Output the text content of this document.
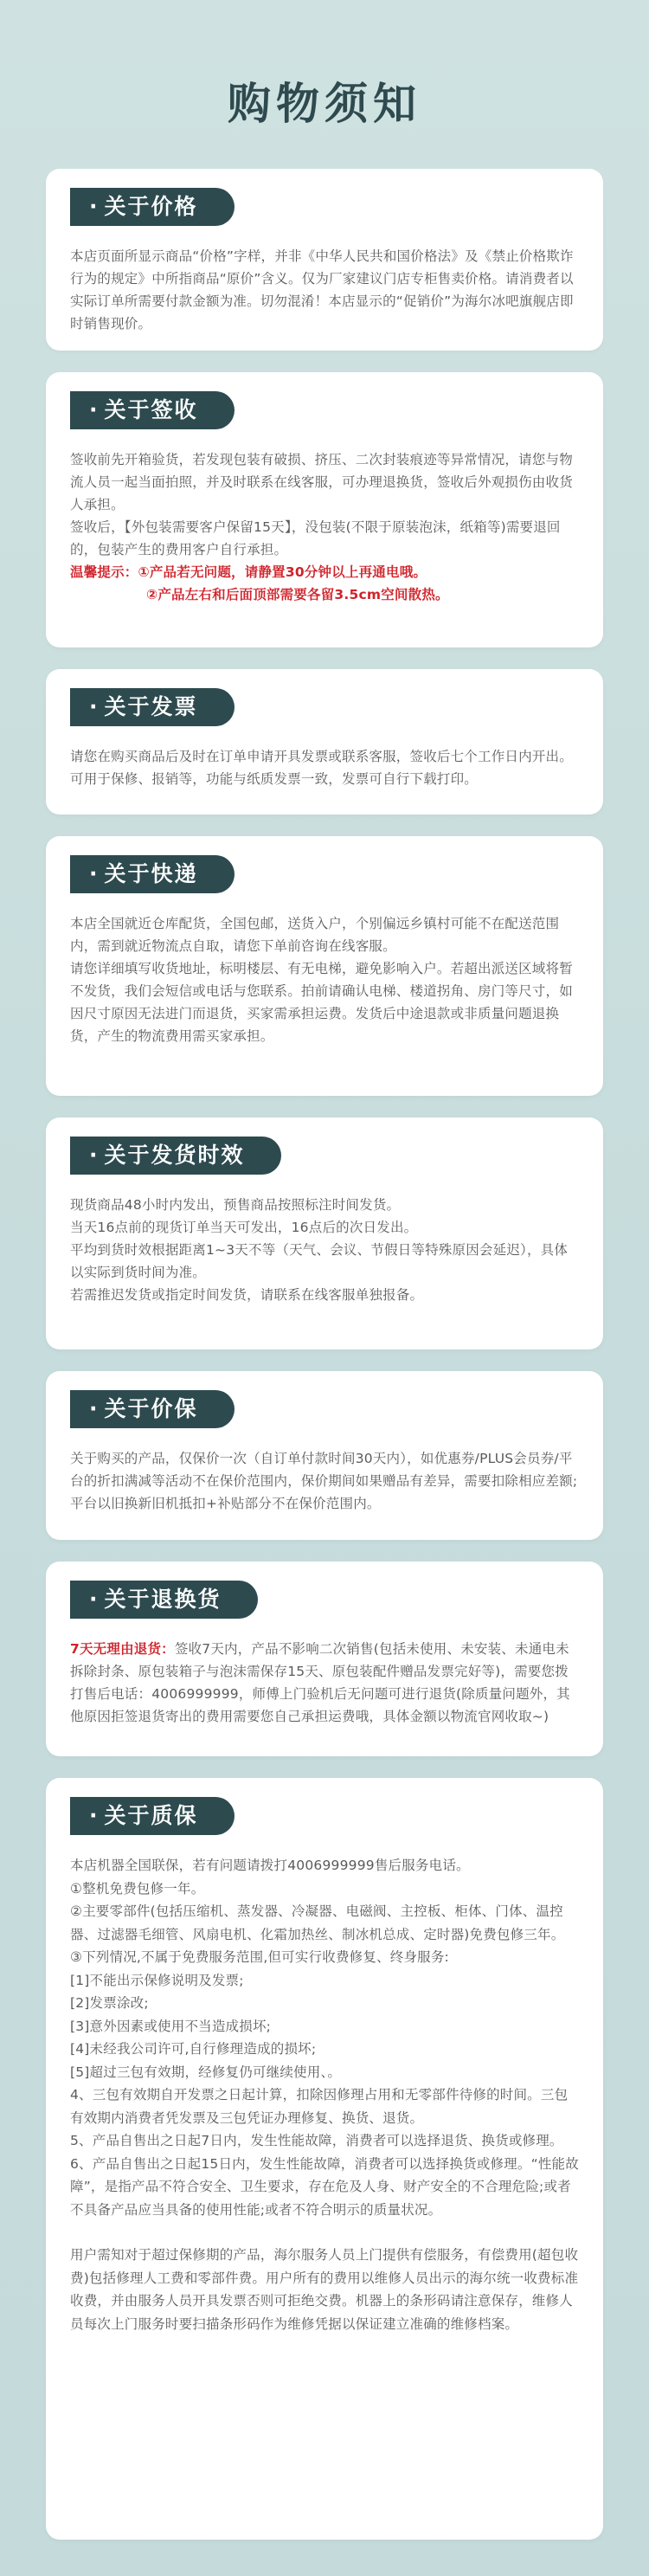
购物须知
· 关于价格

本店页面所显示商品“价格”字样，并非《中华人民共和国价格法》及《禁止价格欺诈行为的规定》中所指商品“原价”含义。仅为厂家建议门店专柜售卖价格。请消费者以实际订单所需要付款金额为准。切勿混淆！本店显示的“促销价”为海尔冰吧旗舰店即时销售现价。

· 关于签收

签收前先开箱验货，若发现包装有破损、挤压、二次封装痕迹等异常情况，请您与物流人员一起当面拍照，并及时联系在线客服，可办理退换货，签收后外观损伤由收货人承担。

签收后，【外包装需要客户保留15天】，没包装(不限于原装泡沫，纸箱等)需要退回的，包装产生的费用客户自行承担。

温馨提示：①产品若无问题，请静置30分钟以上再通电哦。

②产品左右和后面顶部需要各留3.5cm空间散热。

· 关于发票

请您在购买商品后及时在订单申请开具发票或联系客服，签收后七个工作日内开出。可用于保修、报销等，功能与纸质发票一致，发票可自行下载打印。

· 关于快递

本店全国就近仓库配货，全国包邮，送货入户，个别偏远乡镇村可能不在配送范围内，需到就近物流点自取，请您下单前咨询在线客服。

请您详细填写收货地址，标明楼层、有无电梯，避免影响入户。若超出派送区域将暂不发货，我们会短信或电话与您联系。拍前请确认电梯、楼道拐角、房门等尺寸，如因尺寸原因无法进门而退货，买家需承担运费。发货后中途退款或非质量问题退换货，产生的物流费用需买家承担。

· 关于发货时效

现货商品48小时内发出，预售商品按照标注时间发货。

当天16点前的现货订单当天可发出，16点后的次日发出。

平均到货时效根据距离1~3天不等（天气、会议、节假日等特殊原因会延迟），具体以实际到货时间为准。

若需推迟发货或指定时间发货，请联系在线客服单独报备。

· 关于价保

关于购买的产品，仅保价一次（自订单付款时间30天内），如优惠券/PLUS会员券/平台的折扣满减等活动不在保价范围内，保价期间如果赠品有差异，需要扣除相应差额;平台以旧换新旧机抵扣+补贴部分不在保价范围内。

· 关于退换货

7天无理由退货：签收7天内，产品不影响二次销售(包括未使用、未安装、未通电未拆除封条、原包装箱子与泡沫需保存15天、原包装配件赠品发票完好等)，需要您拨打售后电话：4006999999，师傅上门验机后无问题可进行退货(除质量问题外，其他原因拒签退货寄出的费用需要您自己承担运费哦，具体金额以物流官网收取~)

· 关于质保

本店机器全国联保，若有问题请拨打4006999999售后服务电话。

①整机免费包修一年。

②主要零部件(包括压缩机、蒸发器、冷凝器、电磁阀、主控板、柜体、门体、温控器、过滤器毛细管、风扇电机、化霜加热丝、制冰机总成、定时器)免费包修三年。

③下列情况,不属于免费服务范围,但可实行收费修复、终身服务:

[1]不能出示保修说明及发票;

[2]发票涂改;

[3]意外因素或使用不当造成损坏;

[4]未经我公司许可,自行修理造成的损坏;

[5]超过三包有效期，经修复仍可继续使用、。

4、三包有效期自开发票之日起计算，扣除因修理占用和无零部件待修的时间。三包有效期内消费者凭发票及三包凭证办理修复、换货、退货。

5、产品自售出之日起7日内，发生性能故障，消费者可以选择退货、换货或修理。

6、产品自售出之日起15日内，发生性能故障，消费者可以选择换货或修理。“性能故障”，是指产品不符合安全、卫生要求，存在危及人身、财产安全的不合理危险;或者不具备产品应当具备的使用性能;或者不符合明示的质量状况。

用户需知对于超过保修期的产品，海尔服务人员上门提供有偿服务，有偿费用(超包收费)包括修理人工费和零部件费。用户所有的费用以维修人员出示的海尔统一收费标准收费，并由服务人员开具发票否则可拒绝交费。机器上的条形码请注意保存，维修人员每次上门服务时要扫描条形码作为维修凭据以保证建立准确的维修档案。
